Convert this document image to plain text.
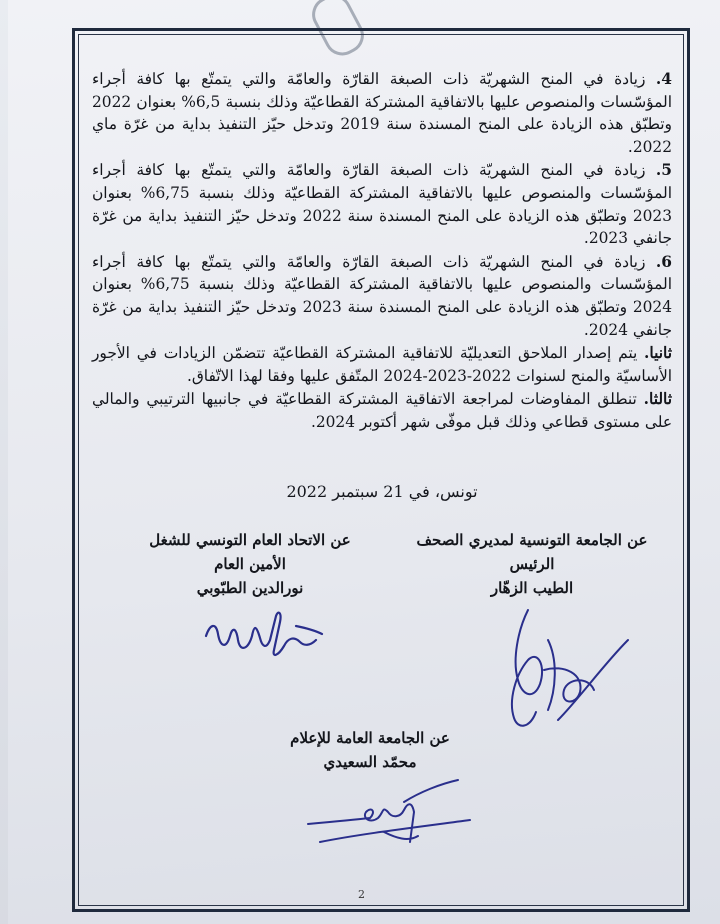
4. زيادة في المنح الشهريّة ذات الصبغة القارّة والعامّة والتي يتمتّع بها كافة أجراء المؤسّسات والمنصوص عليها بالاتفاقية المشتركة القطاعيّة وذلك بنسبة 6,5% بعنوان 2022 وتطبّق هذه الزيادة على المنح المسندة سنة 2019 وتدخل حيّز التنفيذ بداية من غرّة ماي 2022.

5. زيادة في المنح الشهريّة ذات الصبغة القارّة والعامّة والتي يتمتّع بها كافة أجراء المؤسّسات والمنصوص عليها بالاتفاقية المشتركة القطاعيّة وذلك بنسبة 6,75% بعنوان 2023 وتطبّق هذه الزيادة على المنح المسندة سنة 2022 وتدخل حيّز التنفيذ بداية من غرّة جانفي 2023.

6. زيادة في المنح الشهريّة ذات الصبغة القارّة والعامّة والتي يتمتّع بها كافة أجراء المؤسّسات والمنصوص عليها بالاتفاقية المشتركة القطاعيّة وذلك بنسبة 6,75% بعنوان 2024 وتطبّق هذه الزيادة على المنح المسندة سنة 2023 وتدخل حيّز التنفيذ بداية من غرّة جانفي 2024.

ثانيا. يتم إصدار الملاحق التعديليّة للاتفاقية المشتركة القطاعيّة تتضمّن الزيادات في الأجور الأساسيّة والمنح لسنوات 2022-2023-2024 المتّفق عليها وفقا لهذا الاتّفاق.

ثالثا. تنطلق المفاوضات لمراجعة الاتفاقية المشتركة القطاعيّة في جانبيها الترتيبي والمالي على مستوى قطاعي وذلك قبل موفّى شهر أكتوبر 2024.

تونس، في 21 سبتمبر 2022
عن الجامعة التونسية لمديري الصحف
الرئيس
الطيب الزهّار
عن الاتحاد العام التونسي للشغل
الأمين العام
نورالدين الطبّوبي
عن الجامعة العامة للإعلام
محمّد السعيدي
2
